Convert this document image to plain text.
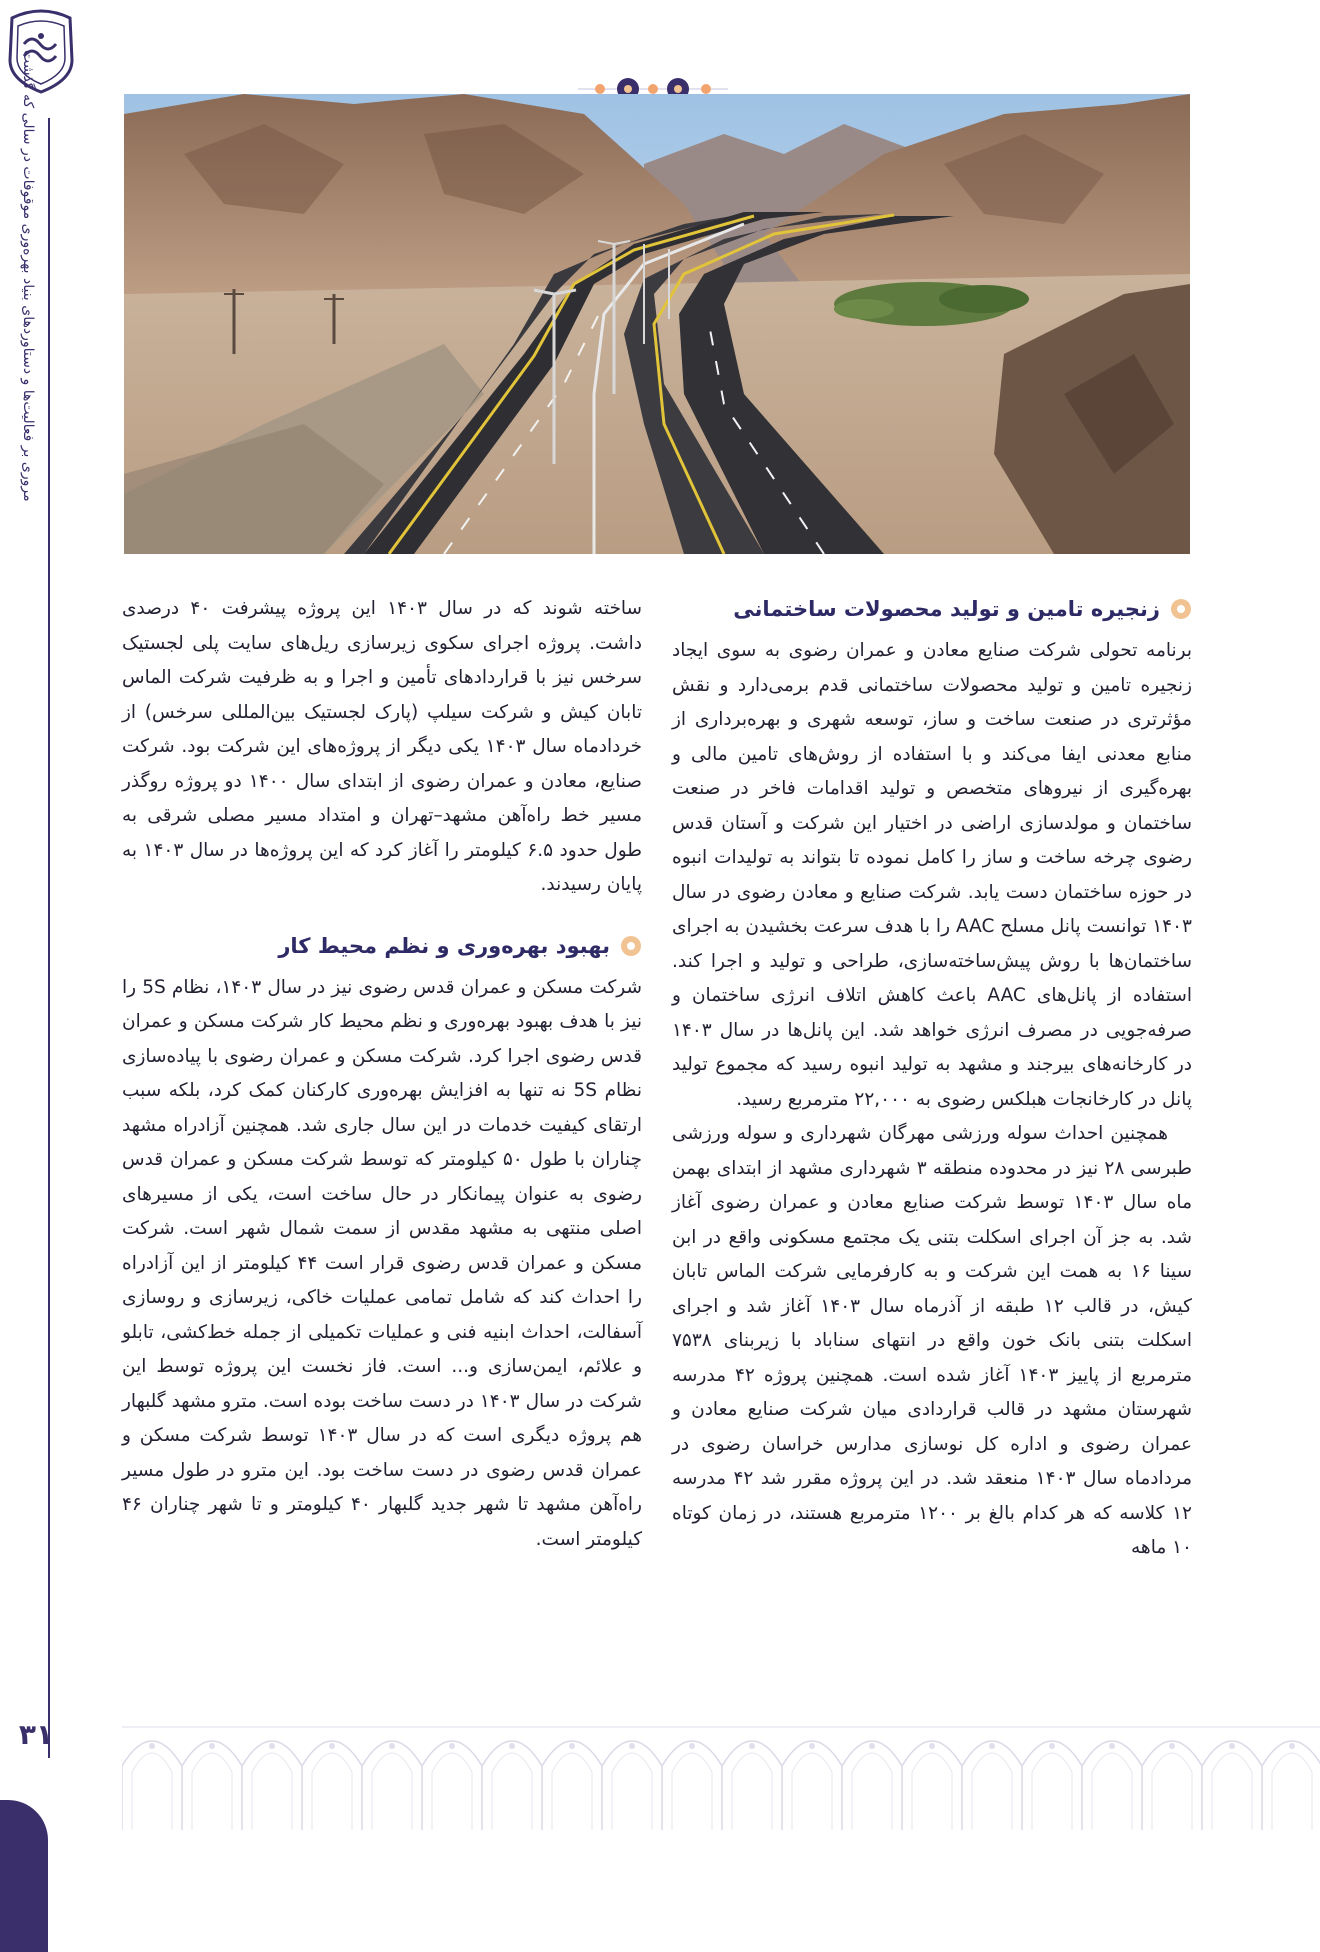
مروری بر فعالیت‌ها و دستاوردهای بنیاد بهره‌وری موقوفات در سالی که گذشت
۳۱
زنجیره تامین و تولید محصولات ساختمانی

برنامه تحولی شرکت صنایع معادن و عمران رضوی به سوی ایجاد زنجیره تامین و تولید محصولات ساختمانی قدم برمی‌دارد و نقش مؤثرتری در صنعت ساخت و ساز، توسعه شهری و بهره‌برداری از منابع معدنی ایفا می‌کند و با استفاده از روش‌های تامین مالی و بهره‌گیری از نیروهای متخصص و تولید اقدامات فاخر در صنعت ساختمان و مولدسازی اراضی در اختیار این شرکت و آستان قدس رضوی چرخه ساخت و ساز را کامل نموده تا بتواند به تولیدات انبوه در حوزه ساختمان دست یابد. شرکت صنایع و معادن رضوی در سال ۱۴۰۳ توانست پانل مسلح AAC را با هدف سرعت بخشیدن به اجرای ساختمان‌ها با روش پیش‌ساخته‌سازی، طراحی و تولید و اجرا کند. استفاده از پانل‌های AAC باعث کاهش اتلاف انرژی ساختمان و صرفه‌جویی در مصرف انرژی خواهد شد. این پانل‌ها در سال ۱۴۰۳ در کارخانه‌های بیرجند و مشهد به تولید انبوه رسید که مجموع تولید پانل در کارخانجات هبلکس رضوی به ۲۲,۰۰۰ مترمربع رسید.

همچنین احداث سوله ورزشی مهرگان شهرداری و سوله ورزشی طبرسی ۲۸ نیز در محدوده منطقه ۳ شهرداری مشهد از ابتدای بهمن ماه سال ۱۴۰۳ توسط شرکت صنایع معادن و عمران رضوی آغاز شد. به جز آن اجرای اسکلت بتنی یک مجتمع مسکونی واقع در ابن سینا ۱۶ به همت این شرکت و به کارفرمایی شرکت الماس تابان کیش، در قالب ۱۲ طبقه از آذرماه سال ۱۴۰۳ آغاز شد و اجرای اسکلت بتنی بانک خون واقع در انتهای سناباد با زیربنای ۷۵۳۸ مترمربع از پاییز ۱۴۰۳ آغاز شده است. همچنین پروژه ۴۲ مدرسه شهرستان مشهد در قالب قراردادی میان شرکت صنایع معادن و عمران رضوی و اداره کل نوسازی مدارس خراسان رضوی در مردادماه سال ۱۴۰۳ منعقد شد. در این پروژه مقرر شد ۴۲ مدرسه ۱۲ کلاسه که هر کدام بالغ بر ۱۲۰۰ مترمربع هستند، در زمان کوتاه ۱۰ ماهه

ساخته شوند که در سال ۱۴۰۳ این پروژه پیشرفت ۴۰ درصدی داشت. پروژه اجرای سکوی زیرسازی ریل‌های سایت پلی لجستیک سرخس نیز با قراردادهای تأمین و اجرا و به ظرفیت شرکت الماس تابان کیش و شرکت سیلپ (پارک لجستیک بین‌المللی سرخس) از خردادماه سال ۱۴۰۳ یکی دیگر از پروژه‌های این شرکت بود. شرکت صنایع، معادن و عمران رضوی از ابتدای سال ۱۴۰۰ دو پروژه روگذر مسیر خط راه‌آهن مشهد–تهران و امتداد مسیر مصلی شرقی به طول حدود ۶.۵ کیلومتر را آغاز کرد که این پروژه‌ها در سال ۱۴۰۳ به پایان رسیدند.

بهبود بهره‌وری و نظم محیط کار

شرکت مسکن و عمران قدس رضوی نیز در سال ۱۴۰۳، نظام 5S را نیز با هدف بهبود بهره‌وری و نظم محیط کار شرکت مسکن و عمران قدس رضوی اجرا کرد. شرکت مسکن و عمران رضوی با پیاده‌سازی نظام 5S نه تنها به افزایش بهره‌وری کارکنان کمک کرد، بلکه سبب ارتقای کیفیت خدمات در این سال جاری شد. همچنین آزادراه مشهد چناران با طول ۵۰ کیلومتر که توسط شرکت مسکن و عمران قدس رضوی به عنوان پیمانکار در حال ساخت است، یکی از مسیرهای اصلی منتهی به مشهد مقدس از سمت شمال شهر است. شرکت مسکن و عمران قدس رضوی قرار است ۴۴ کیلومتر از این آزادراه را احداث کند که شامل تمامی عملیات خاکی، زیرسازی و روسازی آسفالت، احداث ابنیه فنی و عملیات تکمیلی از جمله خط‌کشی، تابلو و علائم، ایمن‌سازی و... است. فاز نخست این پروژه توسط این شرکت در سال ۱۴۰۳ در دست ساخت بوده است. مترو مشهد گلبهار هم پروژه دیگری است که در سال ۱۴۰۳ توسط شرکت مسکن و عمران قدس رضوی در دست ساخت بود. این مترو در طول مسیر راه‌آهن مشهد تا شهر جدید گلبهار ۴۰ کیلومتر و تا شهر چناران ۴۶ کیلومتر است.
